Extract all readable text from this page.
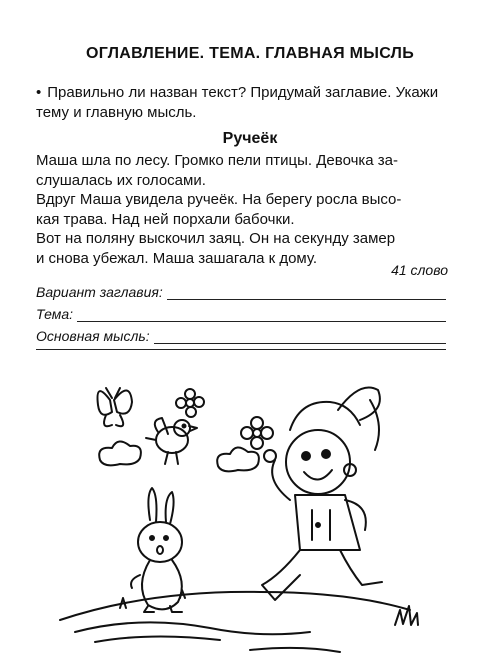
ОГЛАВЛЕНИЕ. ТЕМА. ГЛАВНАЯ МЫСЛЬ
• Правильно ли назван текст? Придумай заглавие. Укажи тему и главную мысль.
Ручеёк

Маша шла по лесу. Громко пели птицы. Девочка за-

слушалась их голосами.

Вдруг Маша увидела ручеёк. На берегу росла высо-

кая трава. Над ней порхали бабочки.

Вот на поляну выскочил заяц. Он на секунду замер

и снова убежал. Маша зашагала к дому.

41 слово
Вариант заглавия:
Тема:
Основная мысль:
